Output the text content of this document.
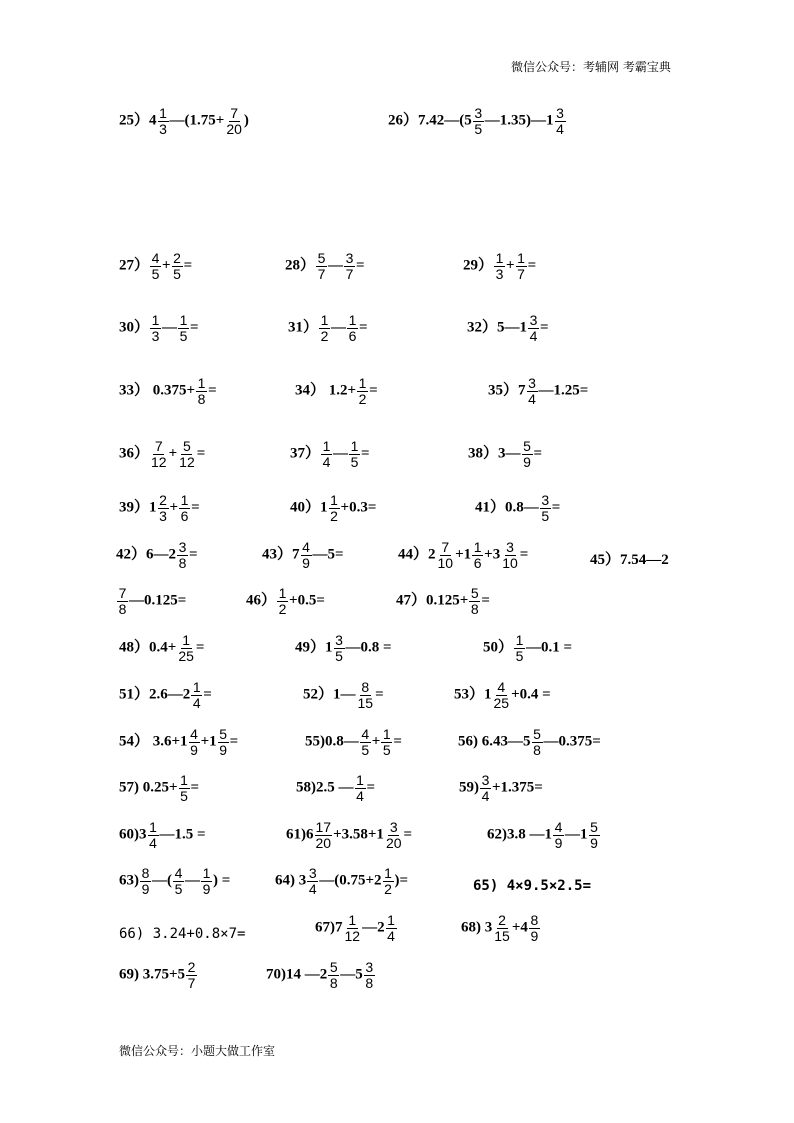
微信公众号：考辅网 考霸宝典
$25)4 \frac{1}{3}$ —(1.75+ $\frac{7}{20}$ )	26）7.42—(5 $\frac{3}{5}$ —1.35)—1 $\frac{3}{4}$
$27) \frac{4}{5} + \frac{2}{5}$ =	$28) \frac{5}{7}$ — $\frac{3}{7}$ =	$29) \frac{1}{3} + \frac{1}{7}$ =
$30) \frac{1}{3}$ — $\frac{1}{5}$ =	$31) \frac{1}{2}$ — $\frac{1}{6}$ =	32）5—1 $\frac{3}{4}$ =
33） $0.375+ \frac{1}{8}$ =	34） $1.2+ \frac{1}{2}$ =	$35)7 \frac{3}{4}$ —1.25=
$36) \frac{7}{12} + \frac{5}{12}$ =	$37) \frac{1}{4}$ — $\frac{1}{5}$ =	38）3— $\frac{5}{9}$ =
$39)1 \frac{2}{3} + \frac{1}{6}$ =	$40)1 \frac{1}{2} +0.3=$	41）0.8— $\frac{3}{5}$ =
42）6—2 $\frac{3}{8}$ =	$43)7 \frac{4}{9}$ —5=	$44)2 \frac{7}{10} +1 \frac{1}{6} +3 \frac{3}{10}$ =	45）7.54—2
$\frac{7}{8}$ —0.125=	$46) \frac{1}{2} +0.5=$	$47)0.125+ \frac{5}{8}$ =
$48)0.4+ \frac{1}{25}$ =	$49)1 \frac{3}{5}$ —0.8 =	$50) \frac{1}{5}$ —0.1 =
51）2.6—2 $\frac{1}{4}$ =	52）1— $\frac{8}{15}$ =	$53)1 \frac{4}{25} +0.4$ =
54） $3.6+1 \frac{4}{9} +1 \frac{5}{9}$ =	55)0.8— $\frac{4}{5} + \frac{1}{5}$ =	56) 6.43—5 $\frac{5}{8}$ —0.375=
57) $0.25+ \frac{1}{5}$ =	58)2.5 — $\frac{1}{4}$ =	$59) \frac{3}{4} +1.375=$
$60)3 \frac{1}{4}$ —1.5 =	$61)6 \frac{17}{20} +3.58+1 \frac{3}{20}$ =	62)3.8 —1 $\frac{4}{9}$ —1 $\frac{5}{9}$
$63) \frac{8}{9}$ —( $\frac{4}{5}$ — $\frac{1}{9}$ ) =	64) $3 \frac{3}{4}$ —(0.75+2 $\frac{1}{2}$ )=	65) 4×9.5×2.5=
66) 3.24+0.8×7=	$67)7 \frac{1}{12}$ —2 $\frac{1}{4}$	68) $3 \frac{2}{15} +4 \frac{8}{9}$
69) $3.75+5 \frac{2}{7}$	70)14 —2 $\frac{5}{8}$ —5 $\frac{3}{8}$
微信公众号：小题大做工作室
